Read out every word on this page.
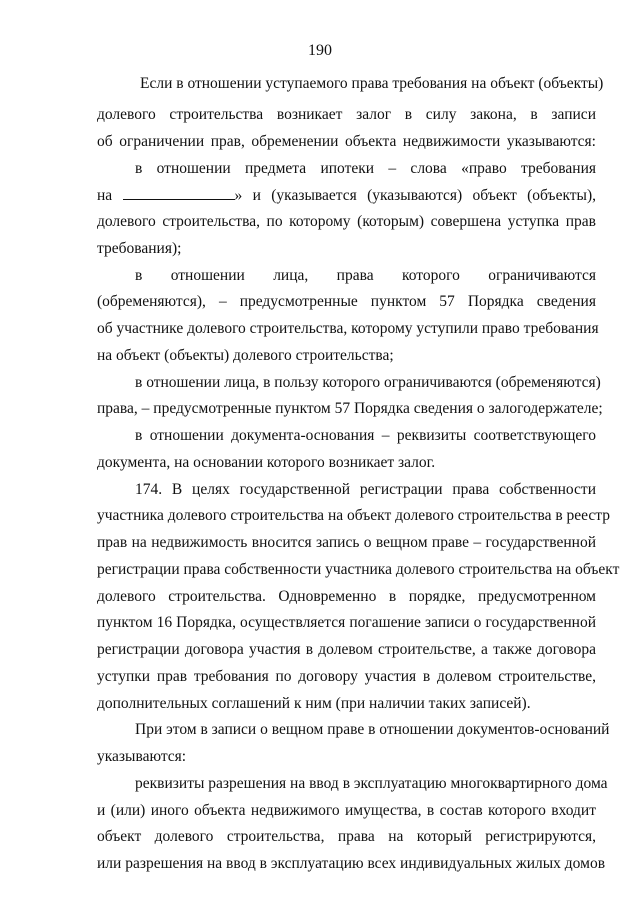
190
Если в отношении уступаемого права требования на объект (объекты)
долевого строительства возникает залог в силу закона, в записи
об ограничении прав, обременении объекта недвижимости указываются:
в отношении предмета ипотеки – слова «право требования
на	» и (указывается (указываются) объект (объекты),
долевого строительства, по которому (которым) совершена уступка прав
требования);
в отношении лица, права которого ограничиваются
(обременяются), – предусмотренные пунктом 57 Порядка сведения
об участнике долевого строительства, которому уступили право требования
на объект (объекты) долевого строительства;
в отношении лица, в пользу которого ограничиваются (обременяются)
права, – предусмотренные пунктом 57 Порядка сведения о залогодержателе;
в отношении документа-основания – реквизиты соответствующего
документа, на основании которого возникает залог.
174. В целях государственной регистрации права собственности
участника долевого строительства на объект долевого строительства в реестр
прав на недвижимость вносится запись о вещном праве – государственной
регистрации права собственности участника долевого строительства на объект
долевого строительства. Одновременно в порядке, предусмотренном
пунктом 16 Порядка, осуществляется погашение записи о государственной
регистрации договора участия в долевом строительстве, а также договора
уступки прав требования по договору участия в долевом строительстве,
дополнительных соглашений к ним (при наличии таких записей).
При этом в записи о вещном праве в отношении документов-оснований
указываются:
реквизиты разрешения на ввод в эксплуатацию многоквартирного дома
и (или) иного объекта недвижимого имущества, в состав которого входит
объект долевого строительства, права на который регистрируются,
или разрешения на ввод в эксплуатацию всех индивидуальных жилых домов
